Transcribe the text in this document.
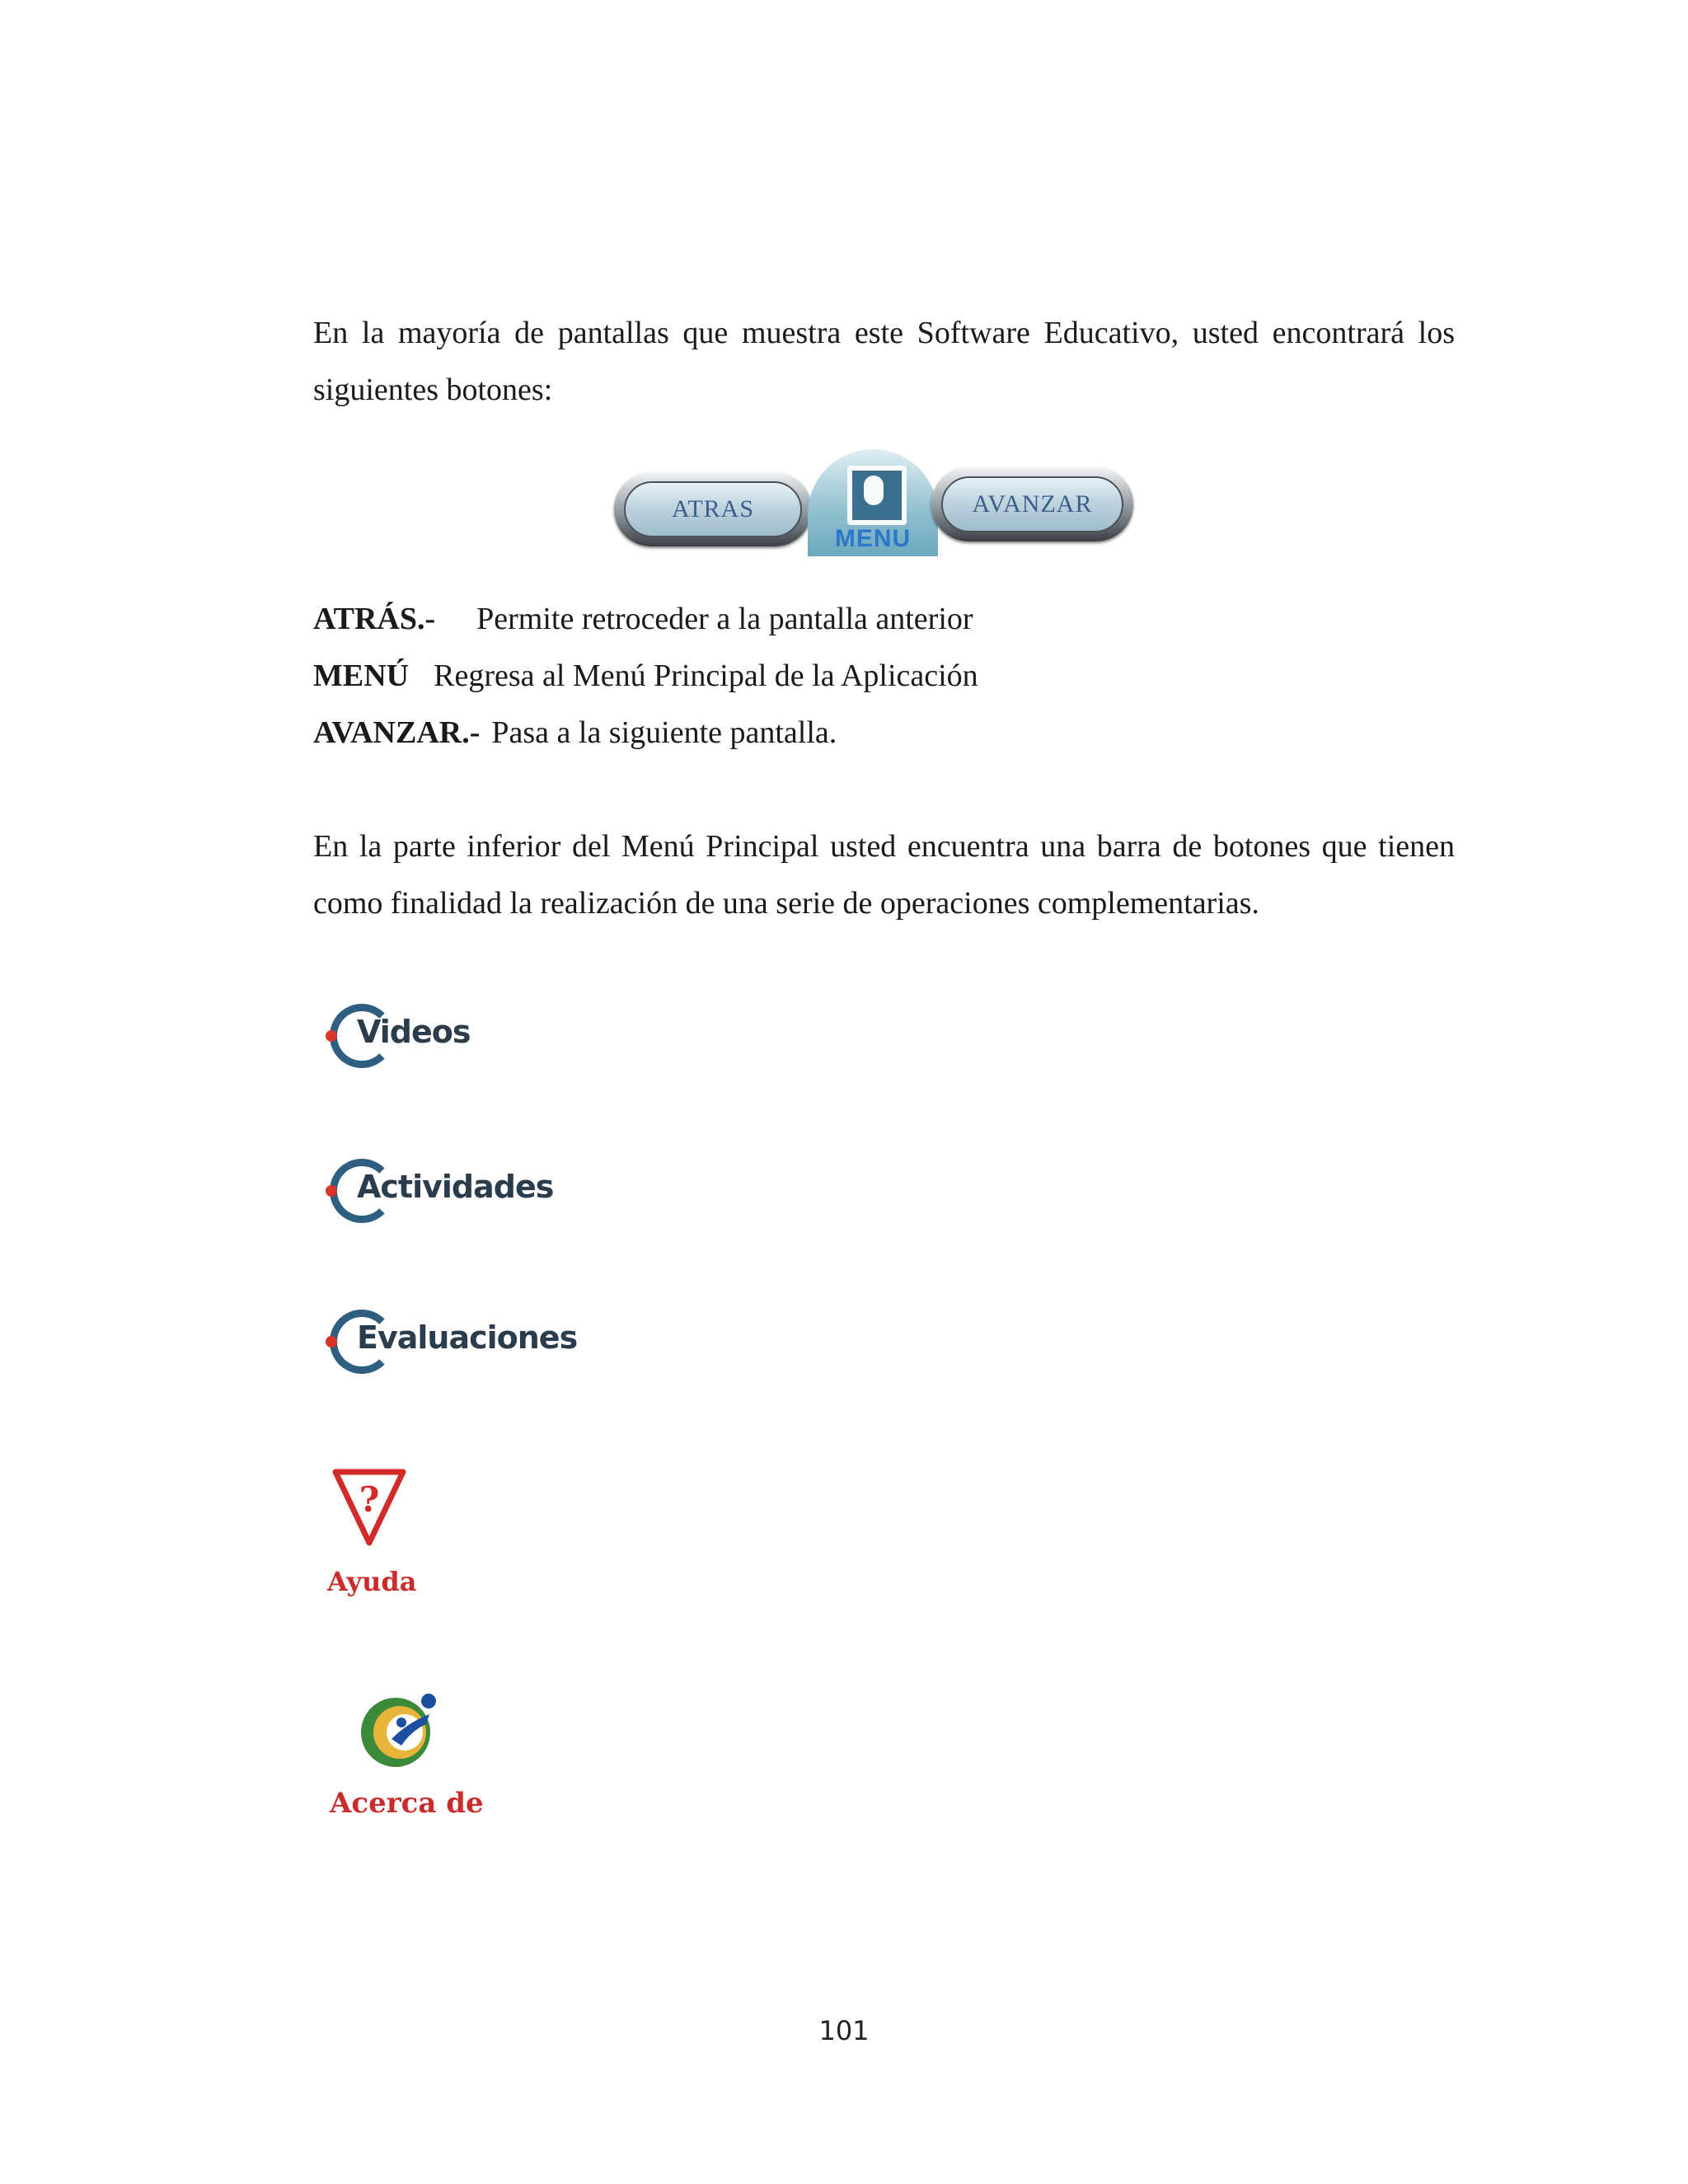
En la mayoría de pantallas que muestra este Software Educativo, usted encontrará los siguientes botones:

ATRAS
MENU
AVANZAR
ATRÁS.- Permite retroceder a la pantalla anterior
MENÚ Regresa al Menú Principal de la Aplicación
AVANZAR.- Pasa a la siguiente pantalla.

En la parte inferior del Menú Principal usted encuentra una barra de botones que tienen como finalidad la realización de una serie de operaciones complementarias.

Videos
Actividades
Evaluaciones
?
Ayuda
Acerca de
101
